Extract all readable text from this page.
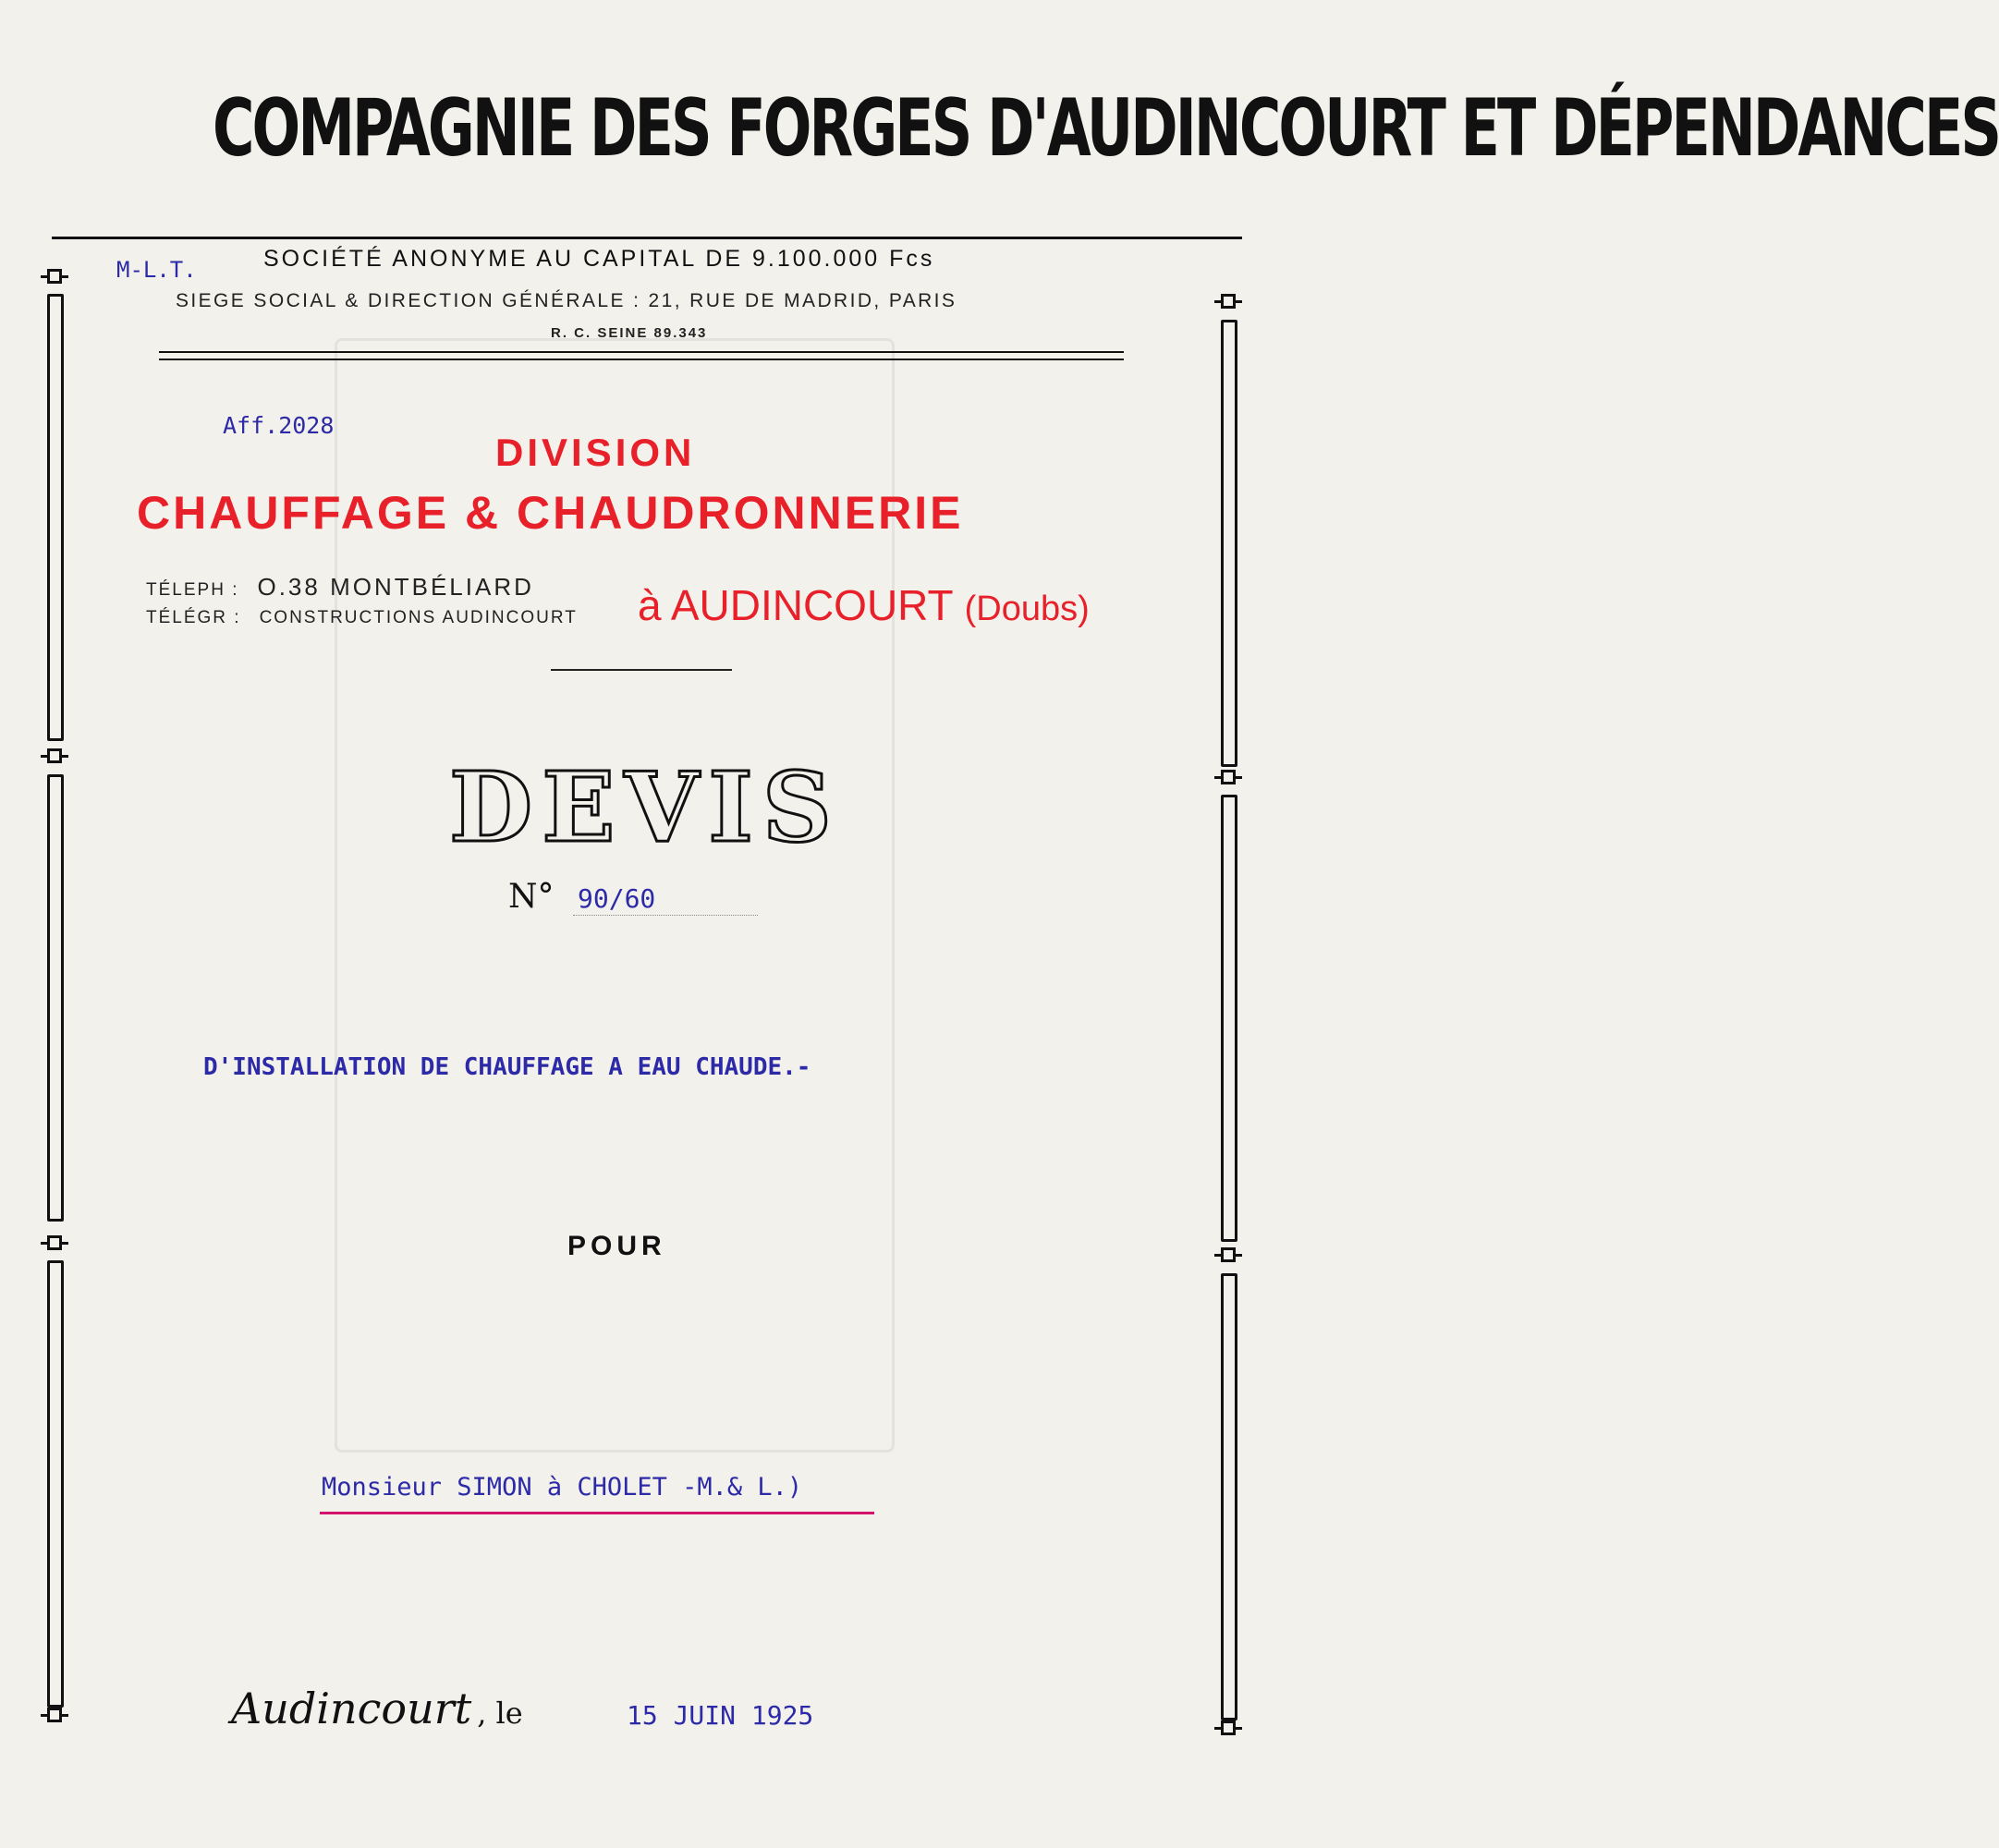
COMPAGNIE DES FORGES D'AUDINCOURT ET DÉPENDANCES
SOCIÉTÉ ANONYME AU CAPITAL DE 9.100.000 Fcs
SIEGE SOCIAL & DIRECTION GÉNÉRALE : 21, RUE DE MADRID, PARIS
R. C. SEINE 89.343
M-L.T.
Aff.2028
DIVISION
CHAUFFAGE & CHAUDRONNERIE
TÉLEPH : O.38 MONTBÉLIARD
TÉLÉGR : CONSTRUCTIONS AUDINCOURT à AUDINCOURT (Doubs)
DEVIS
N° 90/60
D'INSTALLATION DE CHAUFFAGE A EAU CHAUDE.-
POUR
Monsieur SIMON à CHOLET -M.& L.)
Audincourt , le	15 JUIN 1925
